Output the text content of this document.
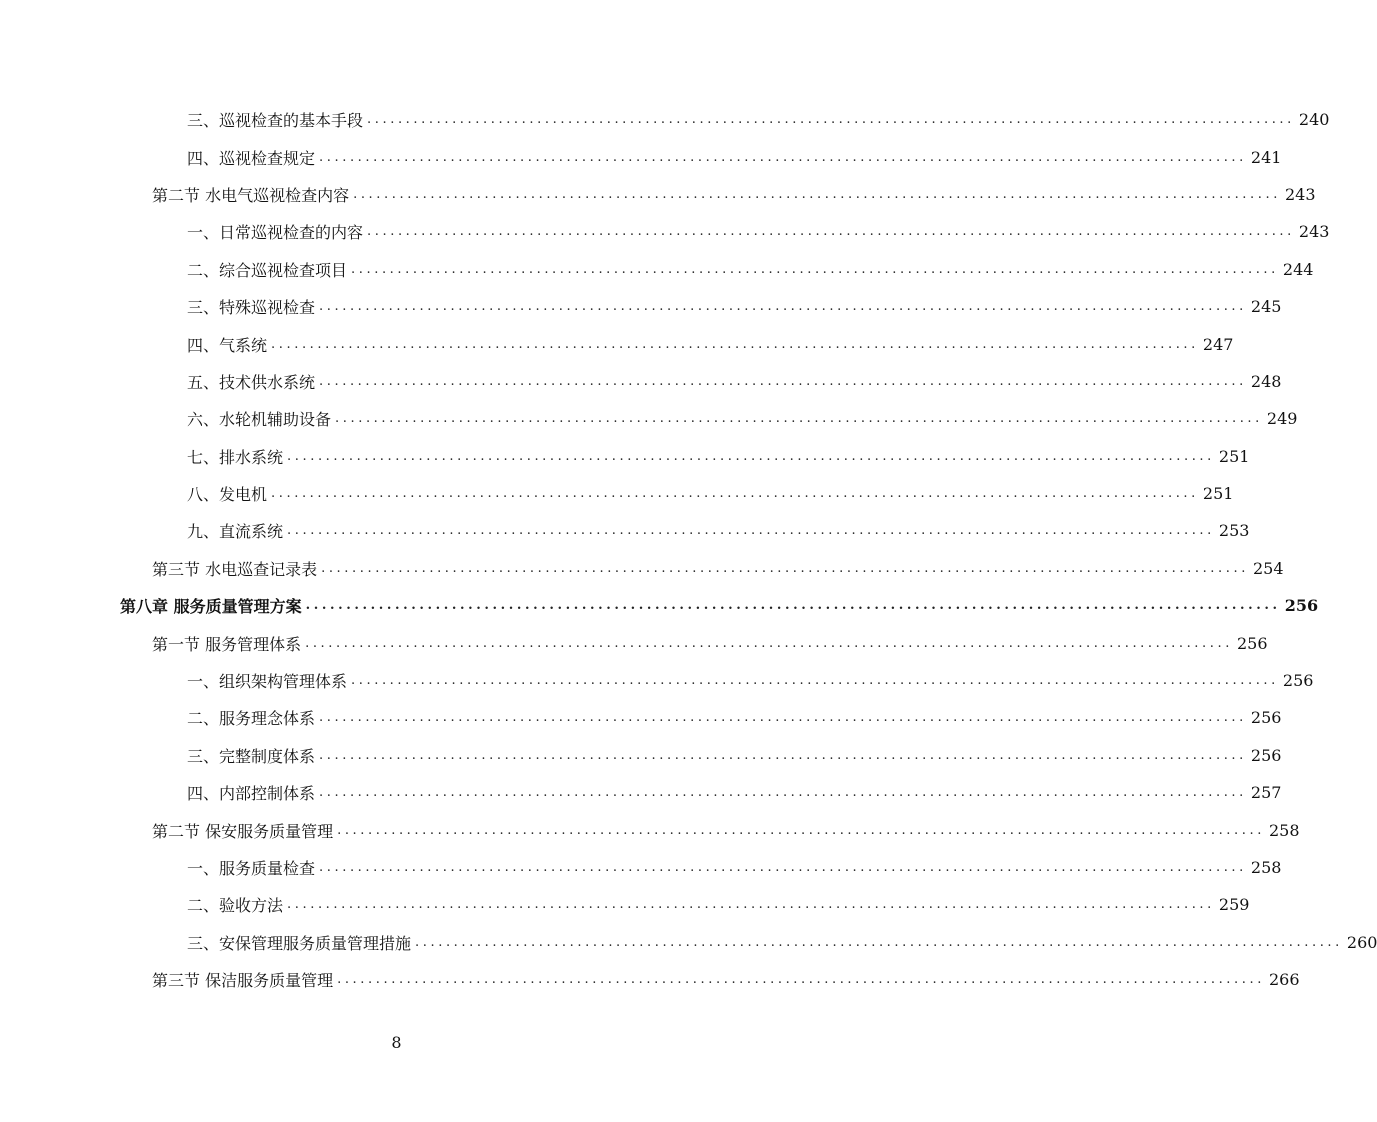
三、巡视检查的基本手段 ........................................................................................................................ 240
四、巡视检查规定 ........................................................................................................................ 241
第二节 水电气巡视检查内容 ........................................................................................................................ 243
一、日常巡视检查的内容 ........................................................................................................................ 243
二、综合巡视检查项目 ........................................................................................................................ 244
三、特殊巡视检查 ........................................................................................................................ 245
四、气系统 ........................................................................................................................ 247
五、技术供水系统 ........................................................................................................................ 248
六、水轮机辅助设备 ........................................................................................................................ 249
七、排水系统 ........................................................................................................................ 251
八、发电机 ........................................................................................................................ 251
九、直流系统 ........................................................................................................................ 253
第三节 水电巡查记录表 ........................................................................................................................ 254
第八章 服务质量管理方案 ........................................................................................................................ 256
第一节 服务管理体系 ........................................................................................................................ 256
一、组织架构管理体系 ........................................................................................................................ 256
二、服务理念体系 ........................................................................................................................ 256
三、完整制度体系 ........................................................................................................................ 256
四、内部控制体系 ........................................................................................................................ 257
第二节 保安服务质量管理 ........................................................................................................................ 258
一、服务质量检查 ........................................................................................................................ 258
二、验收方法 ........................................................................................................................ 259
三、安保管理服务质量管理措施 ........................................................................................................................ 260
第三节 保洁服务质量管理 ........................................................................................................................ 266
8
